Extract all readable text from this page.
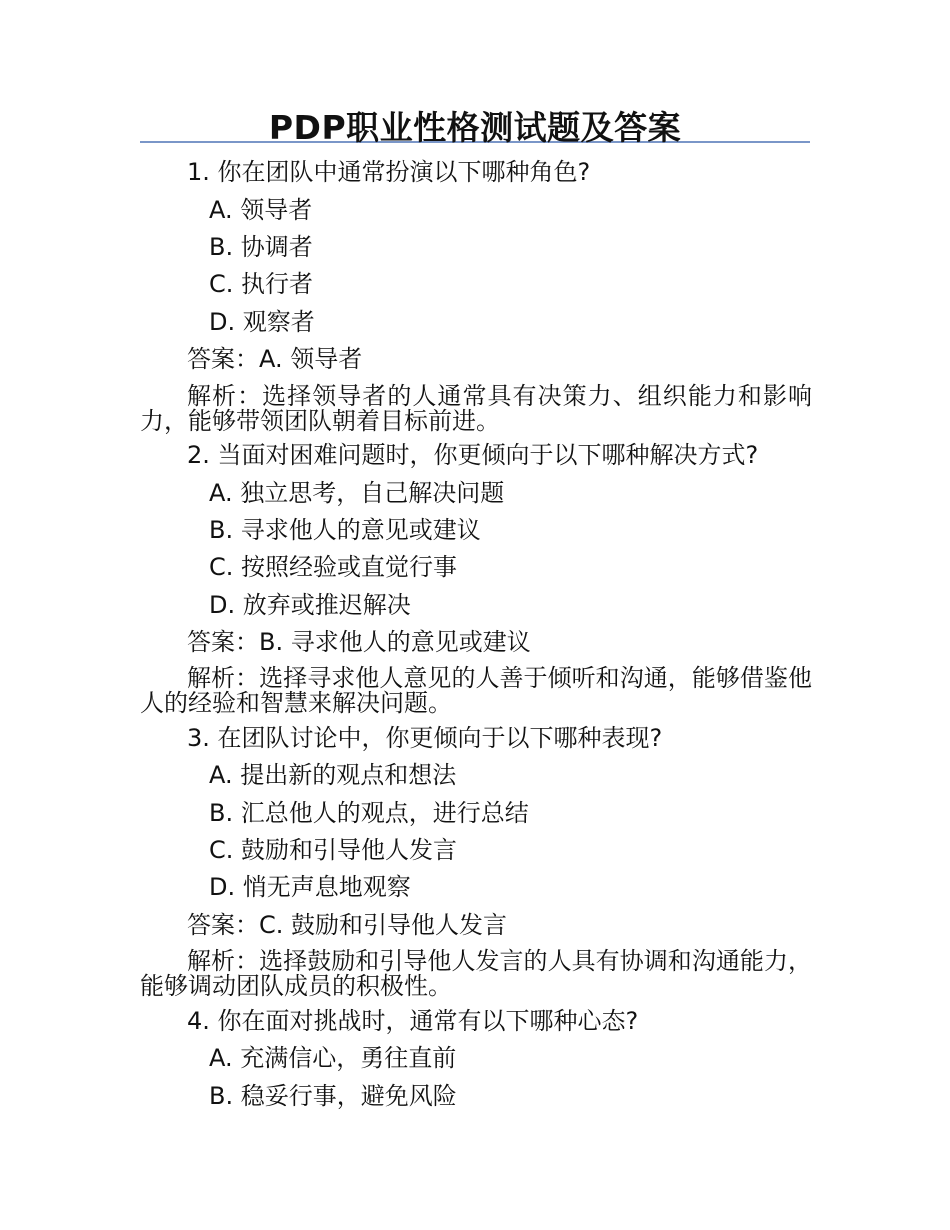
PDP职业性格测试题及答案
1. 你在团队中通常扮演以下哪种角色?
A. 领导者
B. 协调者
C. 执行者
D. 观察者
答案：A. 领导者
解析：选择领导者的人通常具有决策力、组织能力和影响力，能够带领团队朝着目标前进。
2. 当面对困难问题时，你更倾向于以下哪种解决方式?
A. 独立思考，自己解决问题
B. 寻求他人的意见或建议
C. 按照经验或直觉行事
D. 放弃或推迟解决
答案：B. 寻求他人的意见或建议
解析：选择寻求他人意见的人善于倾听和沟通，能够借鉴他人的经验和智慧来解决问题。
3. 在团队讨论中，你更倾向于以下哪种表现?
A. 提出新的观点和想法
B. 汇总他人的观点，进行总结
C. 鼓励和引导他人发言
D. 悄无声息地观察
答案：C. 鼓励和引导他人发言
解析：选择鼓励和引导他人发言的人具有协调和沟通能力，能够调动团队成员的积极性。
4. 你在面对挑战时，通常有以下哪种心态?
A. 充满信心，勇往直前
B. 稳妥行事，避免风险
